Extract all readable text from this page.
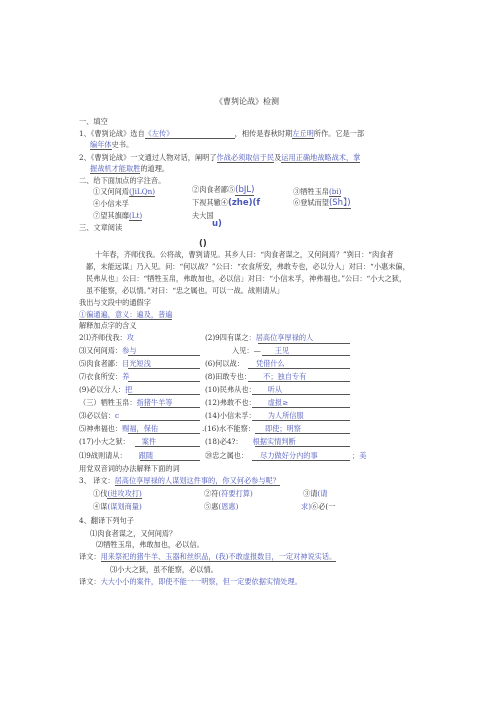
《曹刿论战》检测
一、填空
1、《曹刿论战》选自《左传》	，相传是春秋时期左丘明所作。它是一部
编年体史书。
2、《曹刿论战》一文通过人物对话，阐明了作战必须取信于民及运用正确地战略战术，掌
握战机才能取胜的道理。
二、给下面加点的字注音。
①又何间焉(JiLQn)	②肉食者鄙⑤(bJL)	③牺牲玉帛(bi)
④小信未孚	下视其辙④(zhe)(f	⑥登轼而望(Sh】)
⑦望其旗靡(Lt)	夫大国
u)
三、文章阅读
()
十年春，齐师伐我。公将战，曹刿请见。其乡人曰：“肉食者谋之，又何间焉？”刿曰：“肉食者
鄙，未能远谋」乃入见。问：“何以战？”公曰：“衣食所安，弗敢专也，必以分人」对曰：“小惠未偏，
民弗从也」公曰：“牺牲玉帛，弗敢加也，必以信」对曰：“小信未孚，神弗福也。”公曰：“小大之狱，
虽不能察，必以情。”对曰：“忠之属也。可以一战。战则请从」
我出与文段中的通假字
①徧通遍，意义：遍及，普遍
解释加点字的含义
2⑴齐师伐我：攻	(2)9四有谋之：居高位享厚禄的人
⑶又何间焉：参与	入见：— 王见
⑸肉食者鄙：目光短浅	(6)何以战： 凭借什么
⑺衣食所安：养	(8)田敢专也： 不；独自专有
(9)必以分人：把	(10)民弗从也： 听从
（三）牺牲玉帛：指猪牛羊等	(12)弗敢不也： 虚报≥
⑶必以信：c	(14)小信未孚： 为人所信服
⑸神弗福也：赐福，保佑	.(16)水不能察： 即使；明察
(17)小大之狱： 案件	(18)必4?： 根据实情判断
⑴9战则请从： 跟随	⑳忠之属也： 尽力做好分内的事	；美
用党双音词的办法解释下面的词
3、 译文：居高位享厚禄的人谋划这件事的，你又何必参与呢？
①伐(进攻攻打)	②符(符要打算)	③请(请
④谋(谋划商量)	⑤惠(恩惠)	求)⑥必(一
4、翻译下列句子
⑴肉食者谋之，又何间焉？
⑵牺牲玉帛，弗敢加也，必以信。
译文：用来祭祀的猪牛羊、玉器和丝织品，(我)不敢虚报数目，一定对神说实话。
⑶小大之狱，虽不能察，必以情。
译文：大大小小的案件，即使不能一一明察，但一定要依据实情处理。
